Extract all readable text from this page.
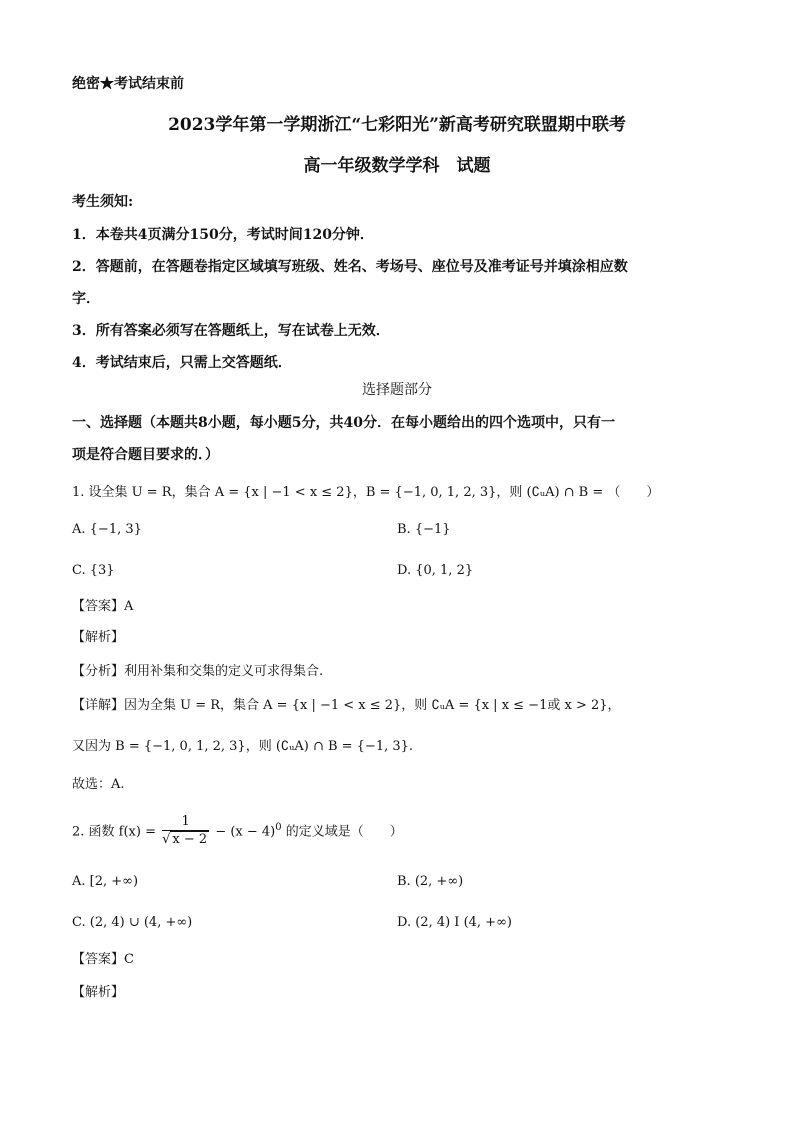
绝密★考试结束前
2023学年第一学期浙江“七彩阳光”新高考研究联盟期中联考
高一年级数学学科　试题
考生须知:
1．本卷共4页满分150分，考试时间120分钟．
2．答题前，在答题卷指定区域填写班级、姓名、考场号、座位号及准考证号并填涂相应数
字．
3．所有答案必须写在答题纸上，写在试卷上无效．
4．考试结束后，只需上交答题纸．
选择题部分
一、选择题（本题共8小题，每小题5分，共40分．在每小题给出的四个选项中，只有一
项是符合题目要求的．）
1. 设全集 U = R，集合 A = {x | −1 < x ≤ 2}，B = {−1, 0, 1, 2, 3}，则 (∁ᵤA) ∩ B = （　　）
A. {−1, 3}	B. {−1}
C. {3}	D. {0, 1, 2}
【答案】A
【解析】
【分析】利用补集和交集的定义可求得集合.
【详解】因为全集 U = R，集合 A = {x | −1 < x ≤ 2}，则 ∁ᵤA = {x | x ≤ −1或 x > 2}，
又因为 B = {−1, 0, 1, 2, 3}，则 (∁ᵤA) ∩ B = {−1, 3}.
故选：A.
2. 函数 $f(x) = \frac{1}{√ x - 2} - (x - 4)^0$ 的定义域是（　　）
A. [2, +∞)	B. (2, +∞)
C. (2, 4) ∪ (4, +∞)	D. (2, 4) I (4, +∞)
【答案】C
【解析】
